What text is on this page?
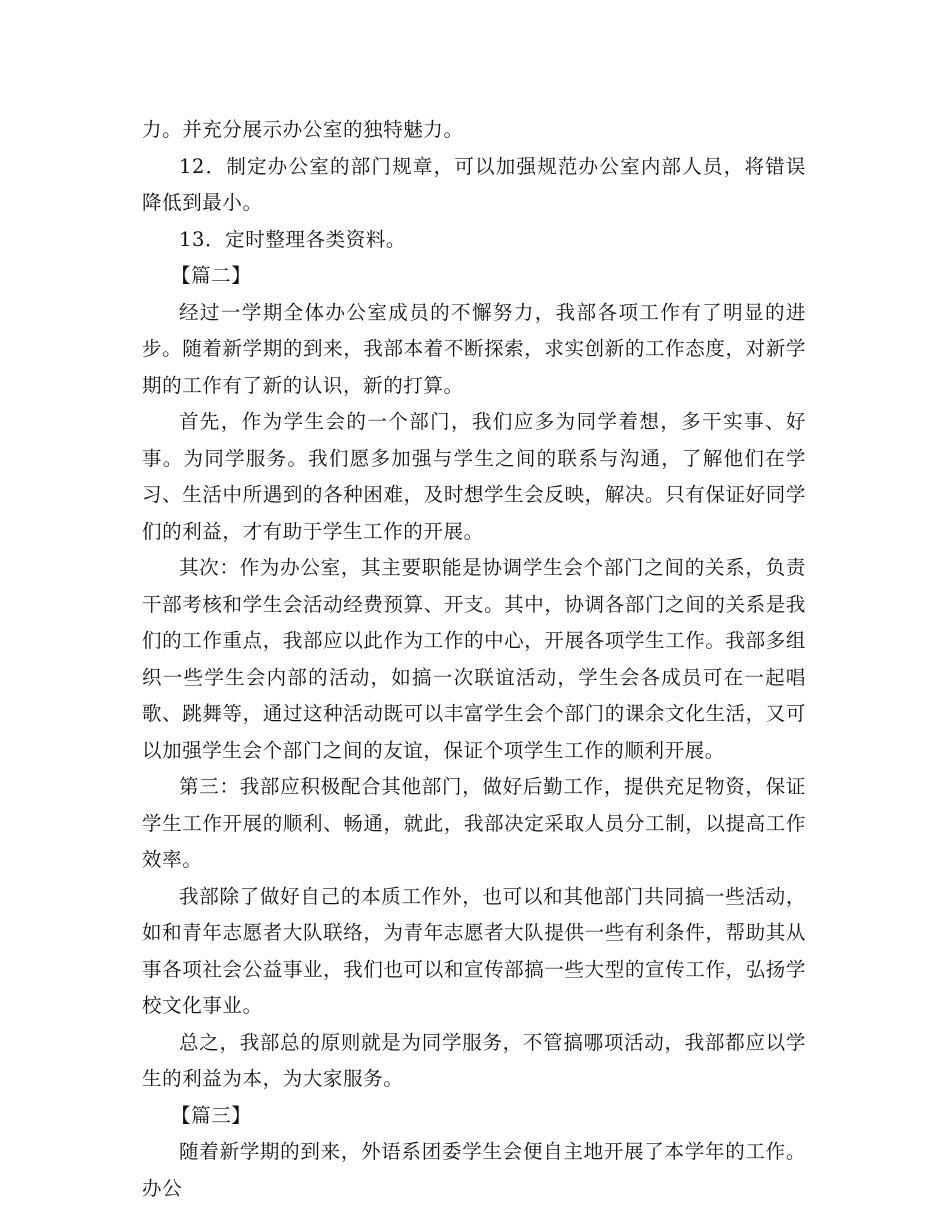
力。并充分展示办公室的独特魅力。

12．制定办公室的部门规章，可以加强规范办公室内部人员，将错误降低到最小。

13．定时整理各类资料。

【篇二】

经过一学期全体办公室成员的不懈努力，我部各项工作有了明显的进步。随着新学期的到来，我部本着不断探索，求实创新的工作态度，对新学期的工作有了新的认识，新的打算。

首先，作为学生会的一个部门，我们应多为同学着想，多干实事、好事。为同学服务。我们愿多加强与学生之间的联系与沟通，了解他们在学习、生活中所遇到的各种困难，及时想学生会反映，解决。只有保证好同学们的利益，才有助于学生工作的开展。

其次：作为办公室，其主要职能是协调学生会个部门之间的关系，负责干部考核和学生会活动经费预算、开支。其中，协调各部门之间的关系是我们的工作重点，我部应以此作为工作的中心，开展各项学生工作。我部多组织一些学生会内部的活动，如搞一次联谊活动，学生会各成员可在一起唱歌、跳舞等，通过这种活动既可以丰富学生会个部门的课余文化生活，又可以加强学生会个部门之间的友谊，保证个项学生工作的顺利开展。

第三：我部应积极配合其他部门，做好后勤工作，提供充足物资，保证学生工作开展的顺利、畅通，就此，我部决定采取人员分工制，以提高工作效率。

我部除了做好自己的本质工作外，也可以和其他部门共同搞一些活动，如和青年志愿者大队联络，为青年志愿者大队提供一些有利条件，帮助其从事各项社会公益事业，我们也可以和宣传部搞一些大型的宣传工作，弘扬学校文化事业。

总之，我部总的原则就是为同学服务，不管搞哪项活动，我部都应以学生的利益为本，为大家服务。

【篇三】

随着新学期的到来，外语系团委学生会便自主地开展了本学年的工作。办公
